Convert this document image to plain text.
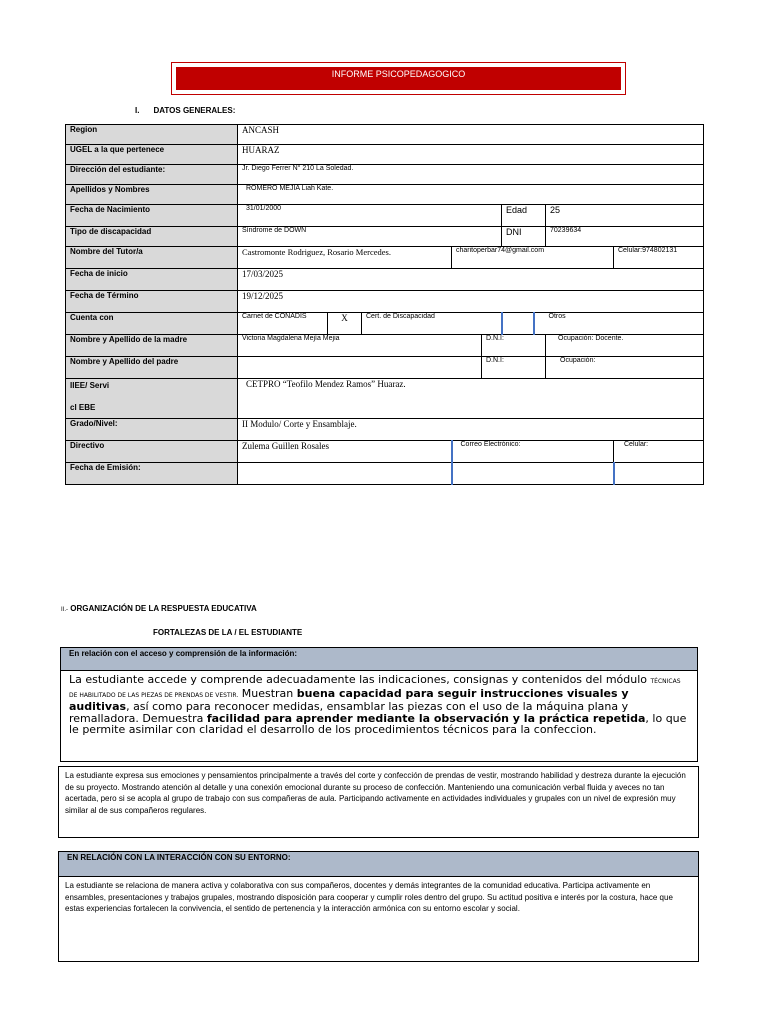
INFORME PSICOPEDAGOGICO
I. DATOS GENERALES:
Region	ANCASH								
UGEL a la que pertenece	HUARAZ								
Dirección del estudiante:	Jr. Diego Ferrer N° 210 La Soledad.								
Apellidos y Nombres	ROMERO MEJIA Liah Kate.								
Fecha de Nacimiento	31/01/2000					Edad		25	
Tipo de discapacidad	Síndrome de DOWN					DNI		70239634	
Nombre del Tutor/a	Castromonte Rodriguez, Rosario Mercedes.			charitoperbar74@gmail.com					Celular:974802131
Fecha de inicio	17/03/2025								
Fecha de Término	19/12/2025								
Cuenta con	Carnet de CONADIS	X	Cert. de Discapacidad				Otros		
Nombre y Apellido de la madre	Victoria Magdalena Mejía Mejia				D.N.I:			Ocupación: Docente.	
Nombre y Apellido del padre					D.N.I:			Ocupación:	

IIEE/ Servi
cl EBE	CETPRO “Teofilo Mendez Ramos” Huaraz.								
Grado/Nivel:	II Modulo/ Corte y Ensamblaje.								
Directivo	Zulema Guillen Rosales			Correo Electrónico:					Celular:
Fecha de Emisión:									
II.- ORGANIZACIÓN DE LA RESPUESTA EDUCATIVA
FORTALEZAS DE LA / EL ESTUDIANTE
En relación con el acceso y comprensión de la información:
La estudiante accede y comprende adecuadamente las indicaciones, consignas y contenidos del módulo TÉCNICAS DE HABILITADO DE LAS PIEZAS DE PRENDAS DE VESTIR. Muestran buena capacidad para seguir instrucciones visuales y auditivas, así como para reconocer medidas, ensamblar las piezas con el uso de la máquina plana y remalladora. Demuestra facilidad para aprender mediante la observación y la práctica repetida, lo que le permite asimilar con claridad el desarrollo de los procedimientos técnicos para la confeccion.
La estudiante expresa sus emociones y pensamientos principalmente a través del corte y confección de prendas de vestir, mostrando habilidad y destreza durante la ejecución de su proyecto. Mostrando atención al detalle y una conexión emocional durante su proceso de confección. Manteniendo una comunicación verbal fluida y aveces no tan acertada, pero si se acopla al grupo de trabajo con sus compañeras de aula. Participando activamente en actividades individuales y grupales con un nivel de expresión muy similar al de sus compañeros regulares.
EN RELACIÓN CON LA INTERACCIÓN CON SU ENTORNO:
La estudiante se relaciona de manera activa y colaborativa con sus compañeros, docentes y demás integrantes de la comunidad educativa. Participa activamente en ensambles, presentaciones y trabajos grupales, mostrando disposición para cooperar y cumplir roles dentro del grupo. Su actitud positiva e interés por la costura, hace que estas experiencias fortalecen la convivencia, el sentido de pertenencia y la interacción armónica con su entorno escolar y social.
